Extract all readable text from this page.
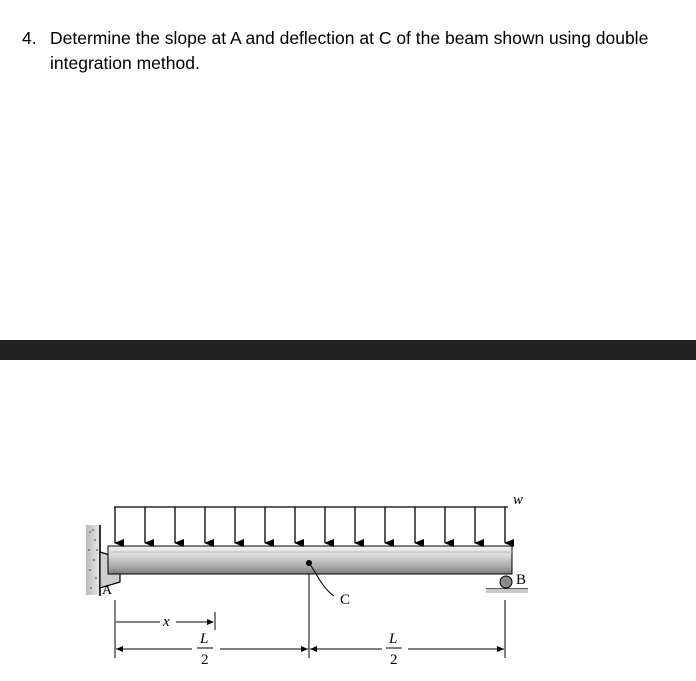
4. Determine the slope at A and deflection at C of the beam shown using double integration method.
w
B
A
C
x
L
2
L
2
